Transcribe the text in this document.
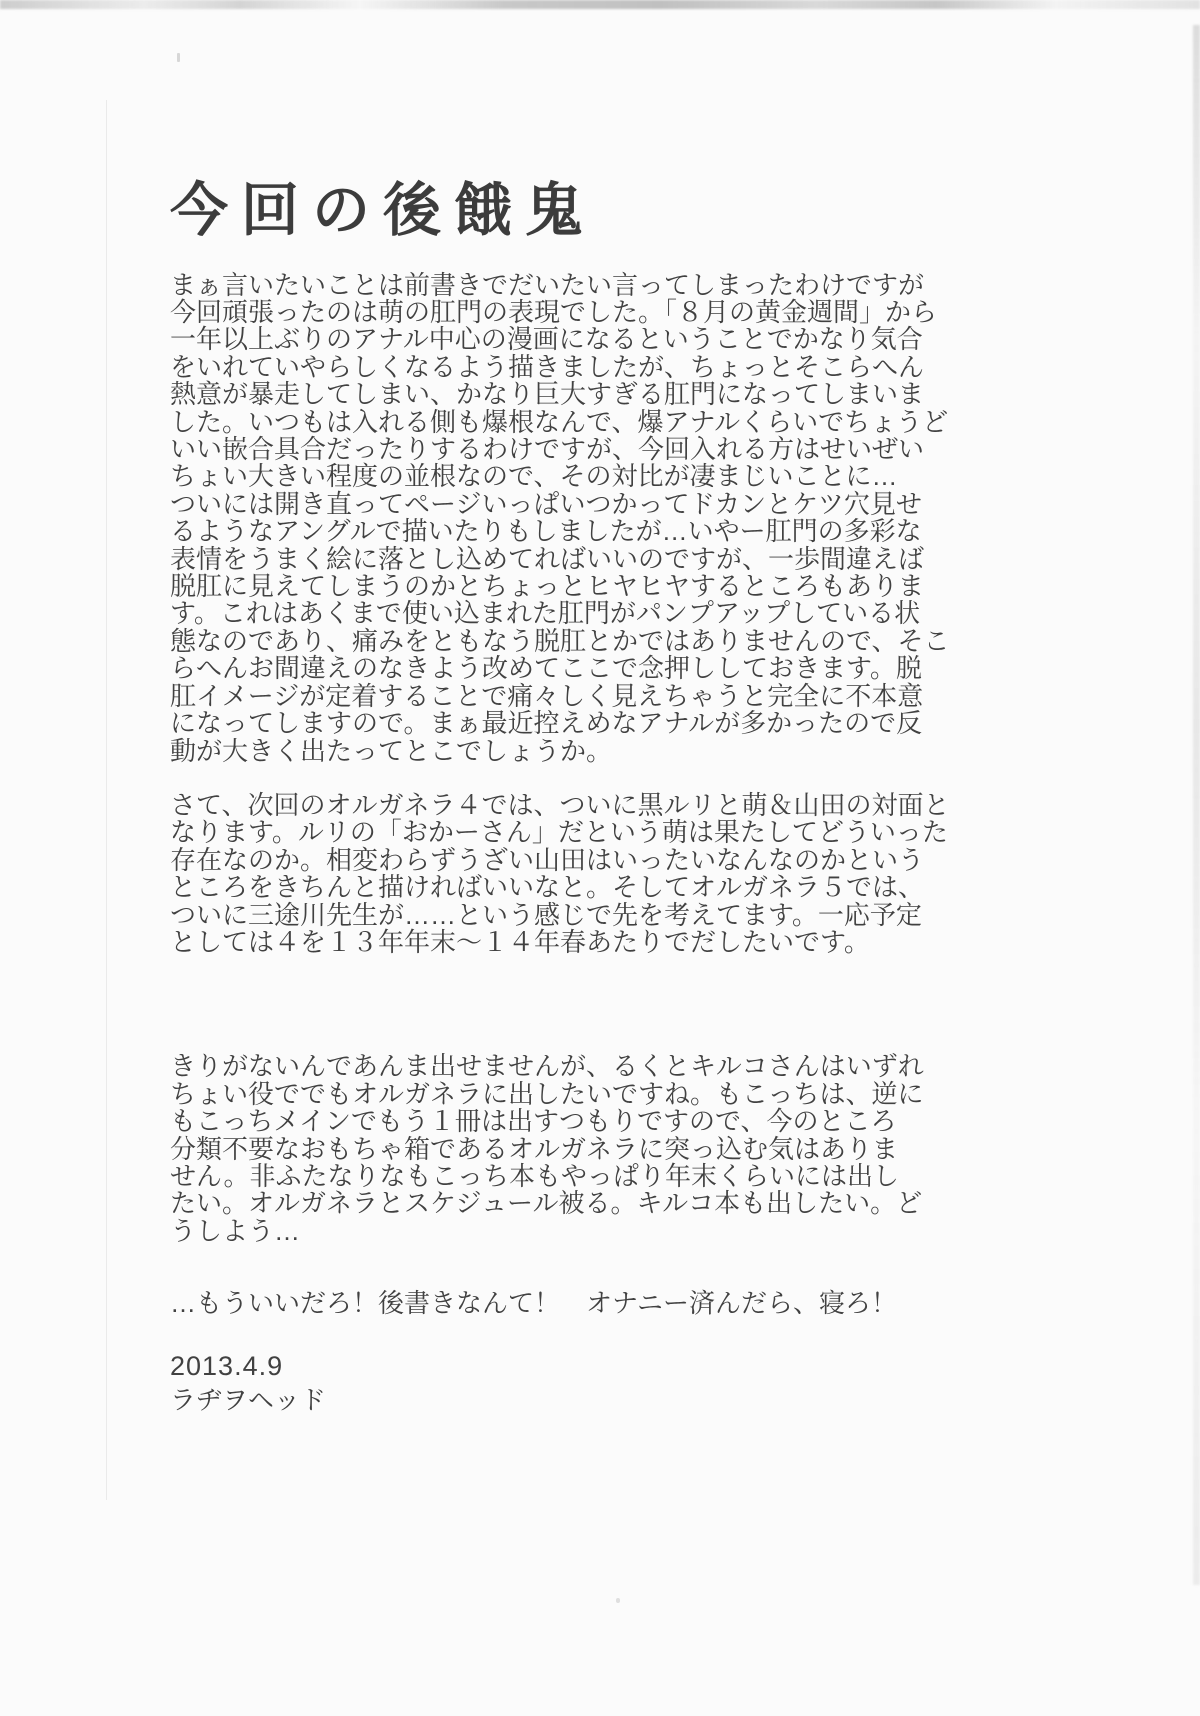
今回の後餓鬼
まぁ言いたいことは前書きでだいたい言ってしまったわけですが
今回頑張ったのは萌の肛門の表現でした。「８月の黄金週間」から
一年以上ぶりのアナル中心の漫画になるということでかなり気合
をいれていやらしくなるよう描きましたが、ちょっとそこらへん
熱意が暴走してしまい、かなり巨大すぎる肛門になってしまいま
した。いつもは入れる側も爆根なんで、爆アナルくらいでちょうど
いい嵌合具合だったりするわけですが、今回入れる方はせいぜい
ちょい大きい程度の並根なので、その対比が凄まじいことに…
ついには開き直ってページいっぱいつかってドカンとケツ穴見せ
るようなアングルで描いたりもしましたが…いやー肛門の多彩な
表情をうまく絵に落とし込めてればいいのですが、一歩間違えば
脱肛に見えてしまうのかとちょっとヒヤヒヤするところもありま
す。これはあくまで使い込まれた肛門がパンプアップしている状
態なのであり、痛みをともなう脱肛とかではありませんので、そこ
らへんお間違えのなきよう改めてここで念押ししておきます。脱
肛イメージが定着することで痛々しく見えちゃうと完全に不本意
になってしますので。まぁ最近控えめなアナルが多かったので反
動が大きく出たってとこでしょうか。
さて、次回のオルガネラ４では、ついに黒ルリと萌＆山田の対面と
なります。ルリの「おかーさん」だという萌は果たしてどういった
存在なのか。相変わらずうざい山田はいったいなんなのかという
ところをきちんと描ければいいなと。そしてオルガネラ５では、
ついに三途川先生が……という感じで先を考えてます。一応予定
としては４を１３年年末～１４年春あたりでだしたいです。
きりがないんであんま出せませんが、るくとキルコさんはいずれ
ちょい役ででもオルガネラに出したいですね。もこっちは、逆に
もこっちメインでもう１冊は出すつもりですので、今のところ
分類不要なおもちゃ箱であるオルガネラに突っ込む気はありま
せん。非ふたなりなもこっち本もやっぱり年末くらいには出し
たい。オルガネラとスケジュール被る。キルコ本も出したい。ど
うしよう…
…もういいだろ！後書きなんて！　オナニー済んだら、寝ろ！
2013.4.9
ラヂヲヘッド
